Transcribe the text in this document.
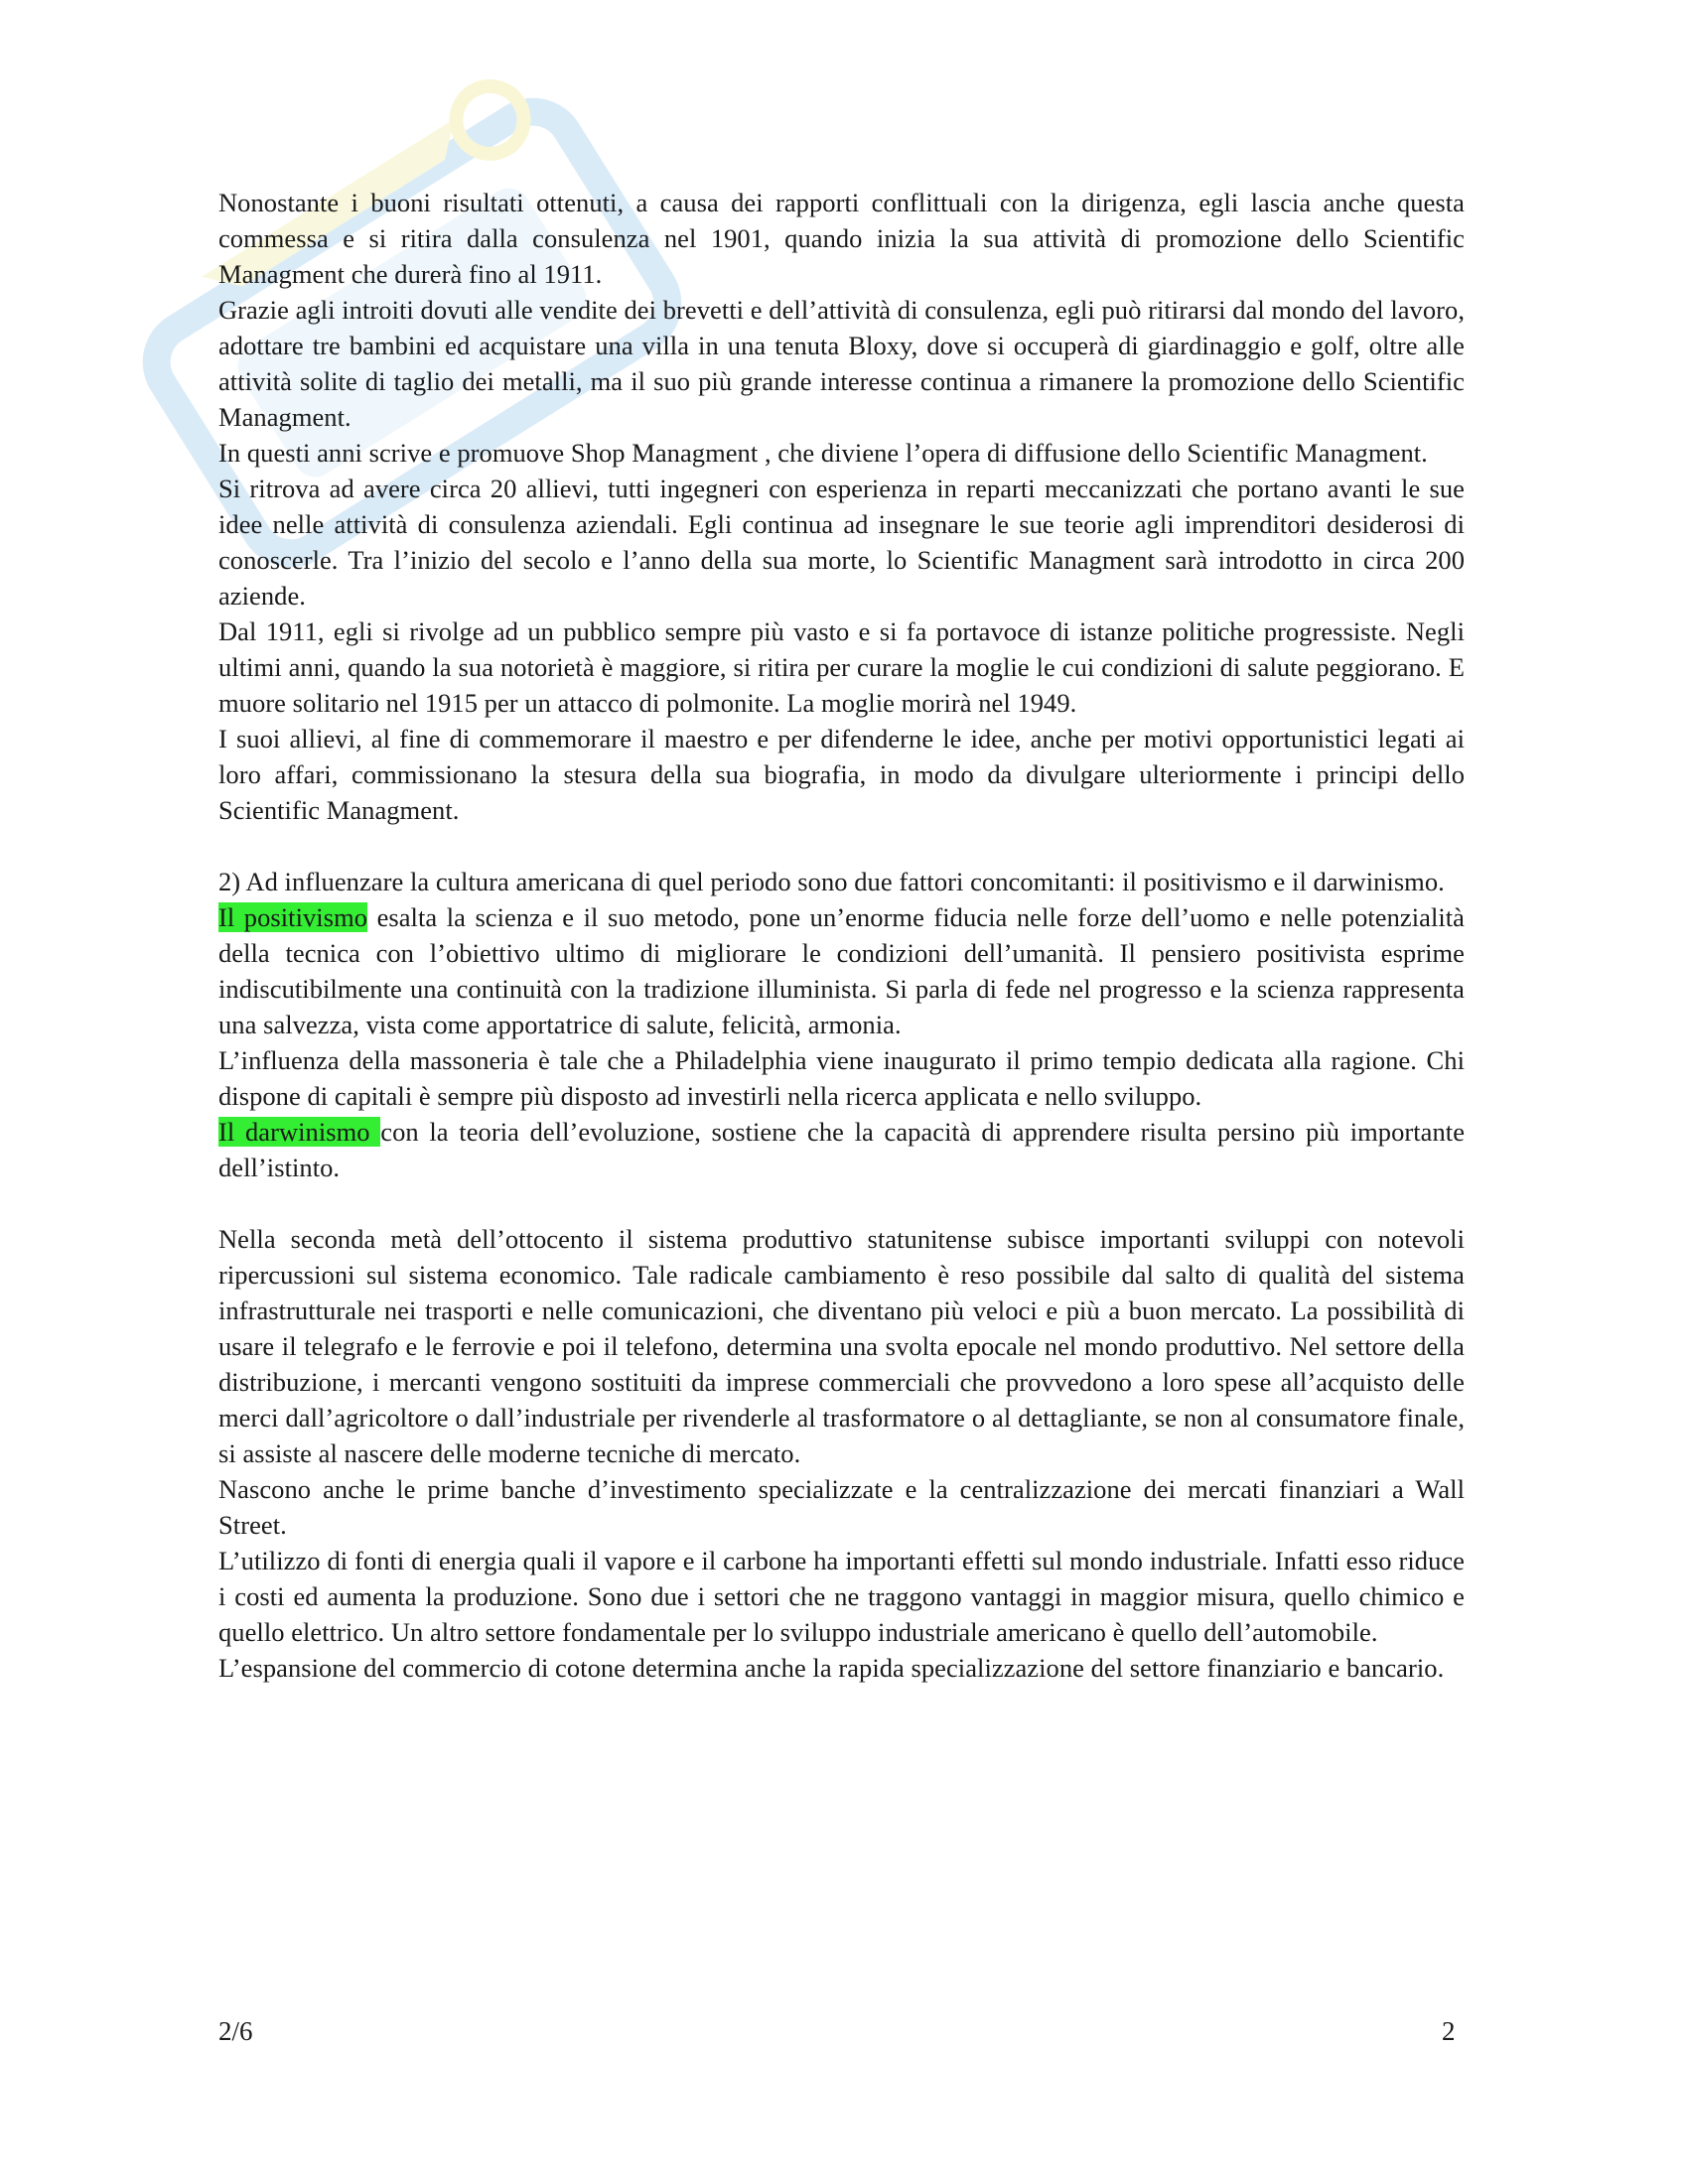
Nonostante i buoni risultati ottenuti, a causa dei rapporti conflittuali con la dirigenza, egli lascia anche questa commessa e si ritira dalla consulenza nel 1901, quando inizia la sua attività di promozione dello Scientific Managment che durerà fino al 1911.

Grazie agli introiti dovuti alle vendite dei brevetti e dell’attività di consulenza, egli può ritirarsi dal mondo del lavoro, adottare tre bambini ed acquistare una villa in una tenuta Bloxy, dove si occuperà di giardinaggio e golf, oltre alle attività solite di taglio dei metalli, ma il suo più grande interesse continua a rimanere la promozione dello Scientific Managment.

In questi anni scrive e promuove Shop Managment , che diviene l’opera di diffusione dello Scientific Managment.

Si ritrova ad avere circa 20 allievi, tutti ingegneri con esperienza in reparti meccanizzati che portano avanti le sue idee nelle attività di consulenza aziendali. Egli continua ad insegnare le sue teorie agli imprenditori desiderosi di conoscerle. Tra l’inizio del secolo e l’anno della sua morte, lo Scientific Managment sarà introdotto in circa 200 aziende.

Dal 1911, egli si rivolge ad un pubblico sempre più vasto e si fa portavoce di istanze politiche progressiste. Negli ultimi anni, quando la sua notorietà è maggiore, si ritira per curare la moglie le cui condizioni di salute peggiorano. E muore solitario nel 1915 per un attacco di polmonite. La moglie morirà nel 1949.

I suoi allievi, al fine di commemorare il maestro e per difenderne le idee, anche per motivi opportunistici legati ai loro affari, commissionano la stesura della sua biografia, in modo da divulgare ulteriormente i principi dello Scientific Managment.

2) Ad influenzare la cultura americana di quel periodo sono due fattori concomitanti: il positivismo e il darwinismo.

Il positivismo esalta la scienza e il suo metodo, pone un’enorme fiducia nelle forze dell’uomo e nelle potenzialità della tecnica con l’obiettivo ultimo di migliorare le condizioni dell’umanità. Il pensiero positivista esprime indiscutibilmente una continuità con la tradizione illuminista. Si parla di fede nel progresso e la scienza rappresenta una salvezza, vista come apportatrice di salute, felicità, armonia.

L’influenza della massoneria è tale che a Philadelphia viene inaugurato il primo tempio dedicata alla ragione. Chi dispone di capitali è sempre più disposto ad investirli nella ricerca applicata e nello sviluppo.

Il darwinismo con la teoria dell’evoluzione, sostiene che la capacità di apprendere risulta persino più importante dell’istinto.

Nella seconda metà dell’ottocento il sistema produttivo statunitense subisce importanti sviluppi con notevoli ripercussioni sul sistema economico. Tale radicale cambiamento è reso possibile dal salto di qualità del sistema infrastrutturale nei trasporti e nelle comunicazioni, che diventano più veloci e più a buon mercato. La possibilità di usare il telegrafo e le ferrovie e poi il telefono, determina una svolta epocale nel mondo produttivo. Nel settore della distribuzione, i mercanti vengono sostituiti da imprese commerciali che provvedono a loro spese all’acquisto delle merci dall’agricoltore o dall’industriale per rivenderle al trasformatore o al dettagliante, se non al consumatore finale, si assiste al nascere delle moderne tecniche di mercato.

Nascono anche le prime banche d’investimento specializzate e la centralizzazione dei mercati finanziari a Wall Street.

L’utilizzo di fonti di energia quali il vapore e il carbone ha importanti effetti sul mondo industriale. Infatti esso riduce i costi ed aumenta la produzione. Sono due i settori che ne traggono vantaggi in maggior misura, quello chimico e quello elettrico. Un altro settore fondamentale per lo sviluppo industriale americano è quello dell’automobile.

L’espansione del commercio di cotone determina anche la rapida specializzazione del settore finanziario e bancario.

2/6	2
